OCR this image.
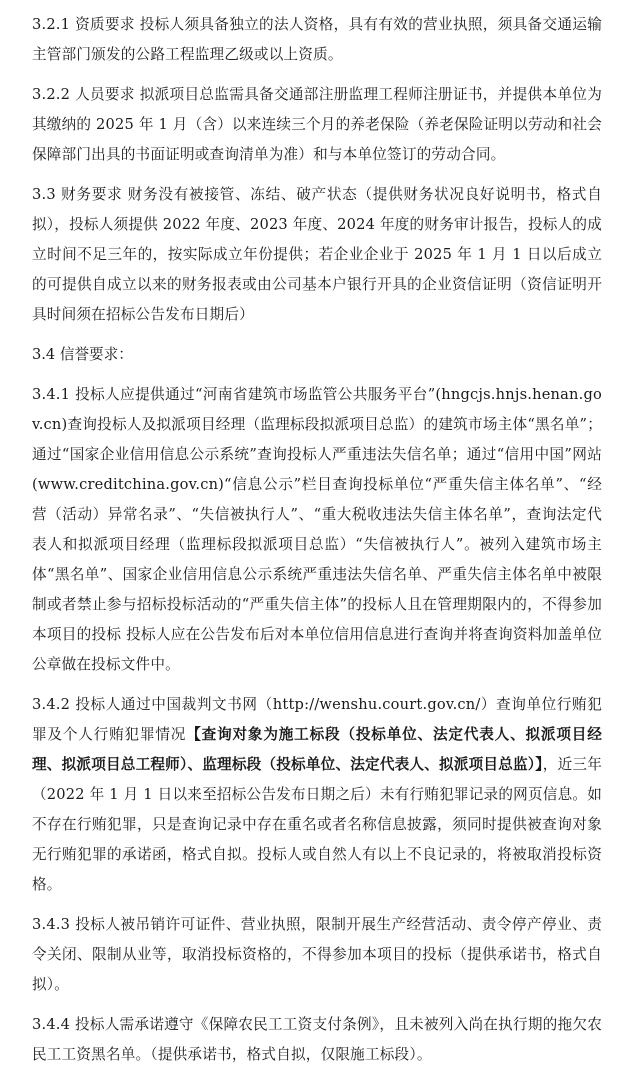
3.2.1 资质要求 投标人须具备独立的法人资格，具有有效的营业执照，须具备交通运输主管部门颁发的公路工程监理乙级或以上资质。

3.2.2 人员要求 拟派项目总监需具备交通部注册监理工程师注册证书，并提供本单位为其缴纳的 2025 年 1 月（含）以来连续三个月的养老保险（养老保险证明以劳动和社会保障部门出具的书面证明或查询清单为准）和与本单位签订的劳动合同。

3.3 财务要求 财务没有被接管、冻结、破产状态（提供财务状况良好说明书，格式自拟），投标人须提供 2022 年度、2023 年度、2024 年度的财务审计报告，投标人的成立时间不足三年的，按实际成立年份提供；若企业企业于 2025 年 1 月 1 日以后成立的可提供自成立以来的财务报表或由公司基本户银行开具的企业资信证明（资信证明开具时间须在招标公告发布日期后）

3.4 信誉要求：

3.4.1 投标人应提供通过“河南省建筑市场监管公共服务平台”(hngcjs.hnjs.henan.gov.cn)查询投标人及拟派项目经理（监理标段拟派项目总监）的建筑市场主体“黑名单”；通过“国家企业信用信息公示系统”查询投标人严重违法失信名单；通过“信用中国”网站(www.creditchina.gov.cn)“信息公示”栏目查询投标单位“严重失信主体名单”、“经营（活动）异常名录”、“失信被执行人”、“重大税收违法失信主体名单”，查询法定代表人和拟派项目经理（监理标段拟派项目总监）“失信被执行人”。被列入建筑市场主体“黑名单”、国家企业信用信息公示系统严重违法失信名单、严重失信主体名单中被限制或者禁止参与招标投标活动的“严重失信主体”的投标人且在管理期限内的，不得参加本项目的投标 投标人应在公告发布后对本单位信用信息进行查询并将查询资料加盖单位公章做在投标文件中。

3.4.2 投标人通过中国裁判文书网（http://wenshu.court.gov.cn/）查询单位行贿犯罪及个人行贿犯罪情况【查询对象为施工标段（投标单位、法定代表人、拟派项目经理、拟派项目总工程师）、监理标段（投标单位、法定代表人、拟派项目总监）】，近三年（2022 年 1 月 1 日以来至招标公告发布日期之后）未有行贿犯罪记录的网页信息。如不存在行贿犯罪，只是查询记录中存在重名或者名称信息披露，须同时提供被查询对象无行贿犯罪的承诺函，格式自拟。投标人或自然人有以上不良记录的，将被取消投标资格。

3.4.3 投标人被吊销许可证件、营业执照，限制开展生产经营活动、责令停产停业、责令关闭、限制从业等，取消投标资格的，不得参加本项目的投标（提供承诺书，格式自拟）。

3.4.4 投标人需承诺遵守《保障农民工工资支付条例》，且未被列入尚在执行期的拖欠农民工工资黑名单。（提供承诺书，格式自拟，仅限施工标段）。
